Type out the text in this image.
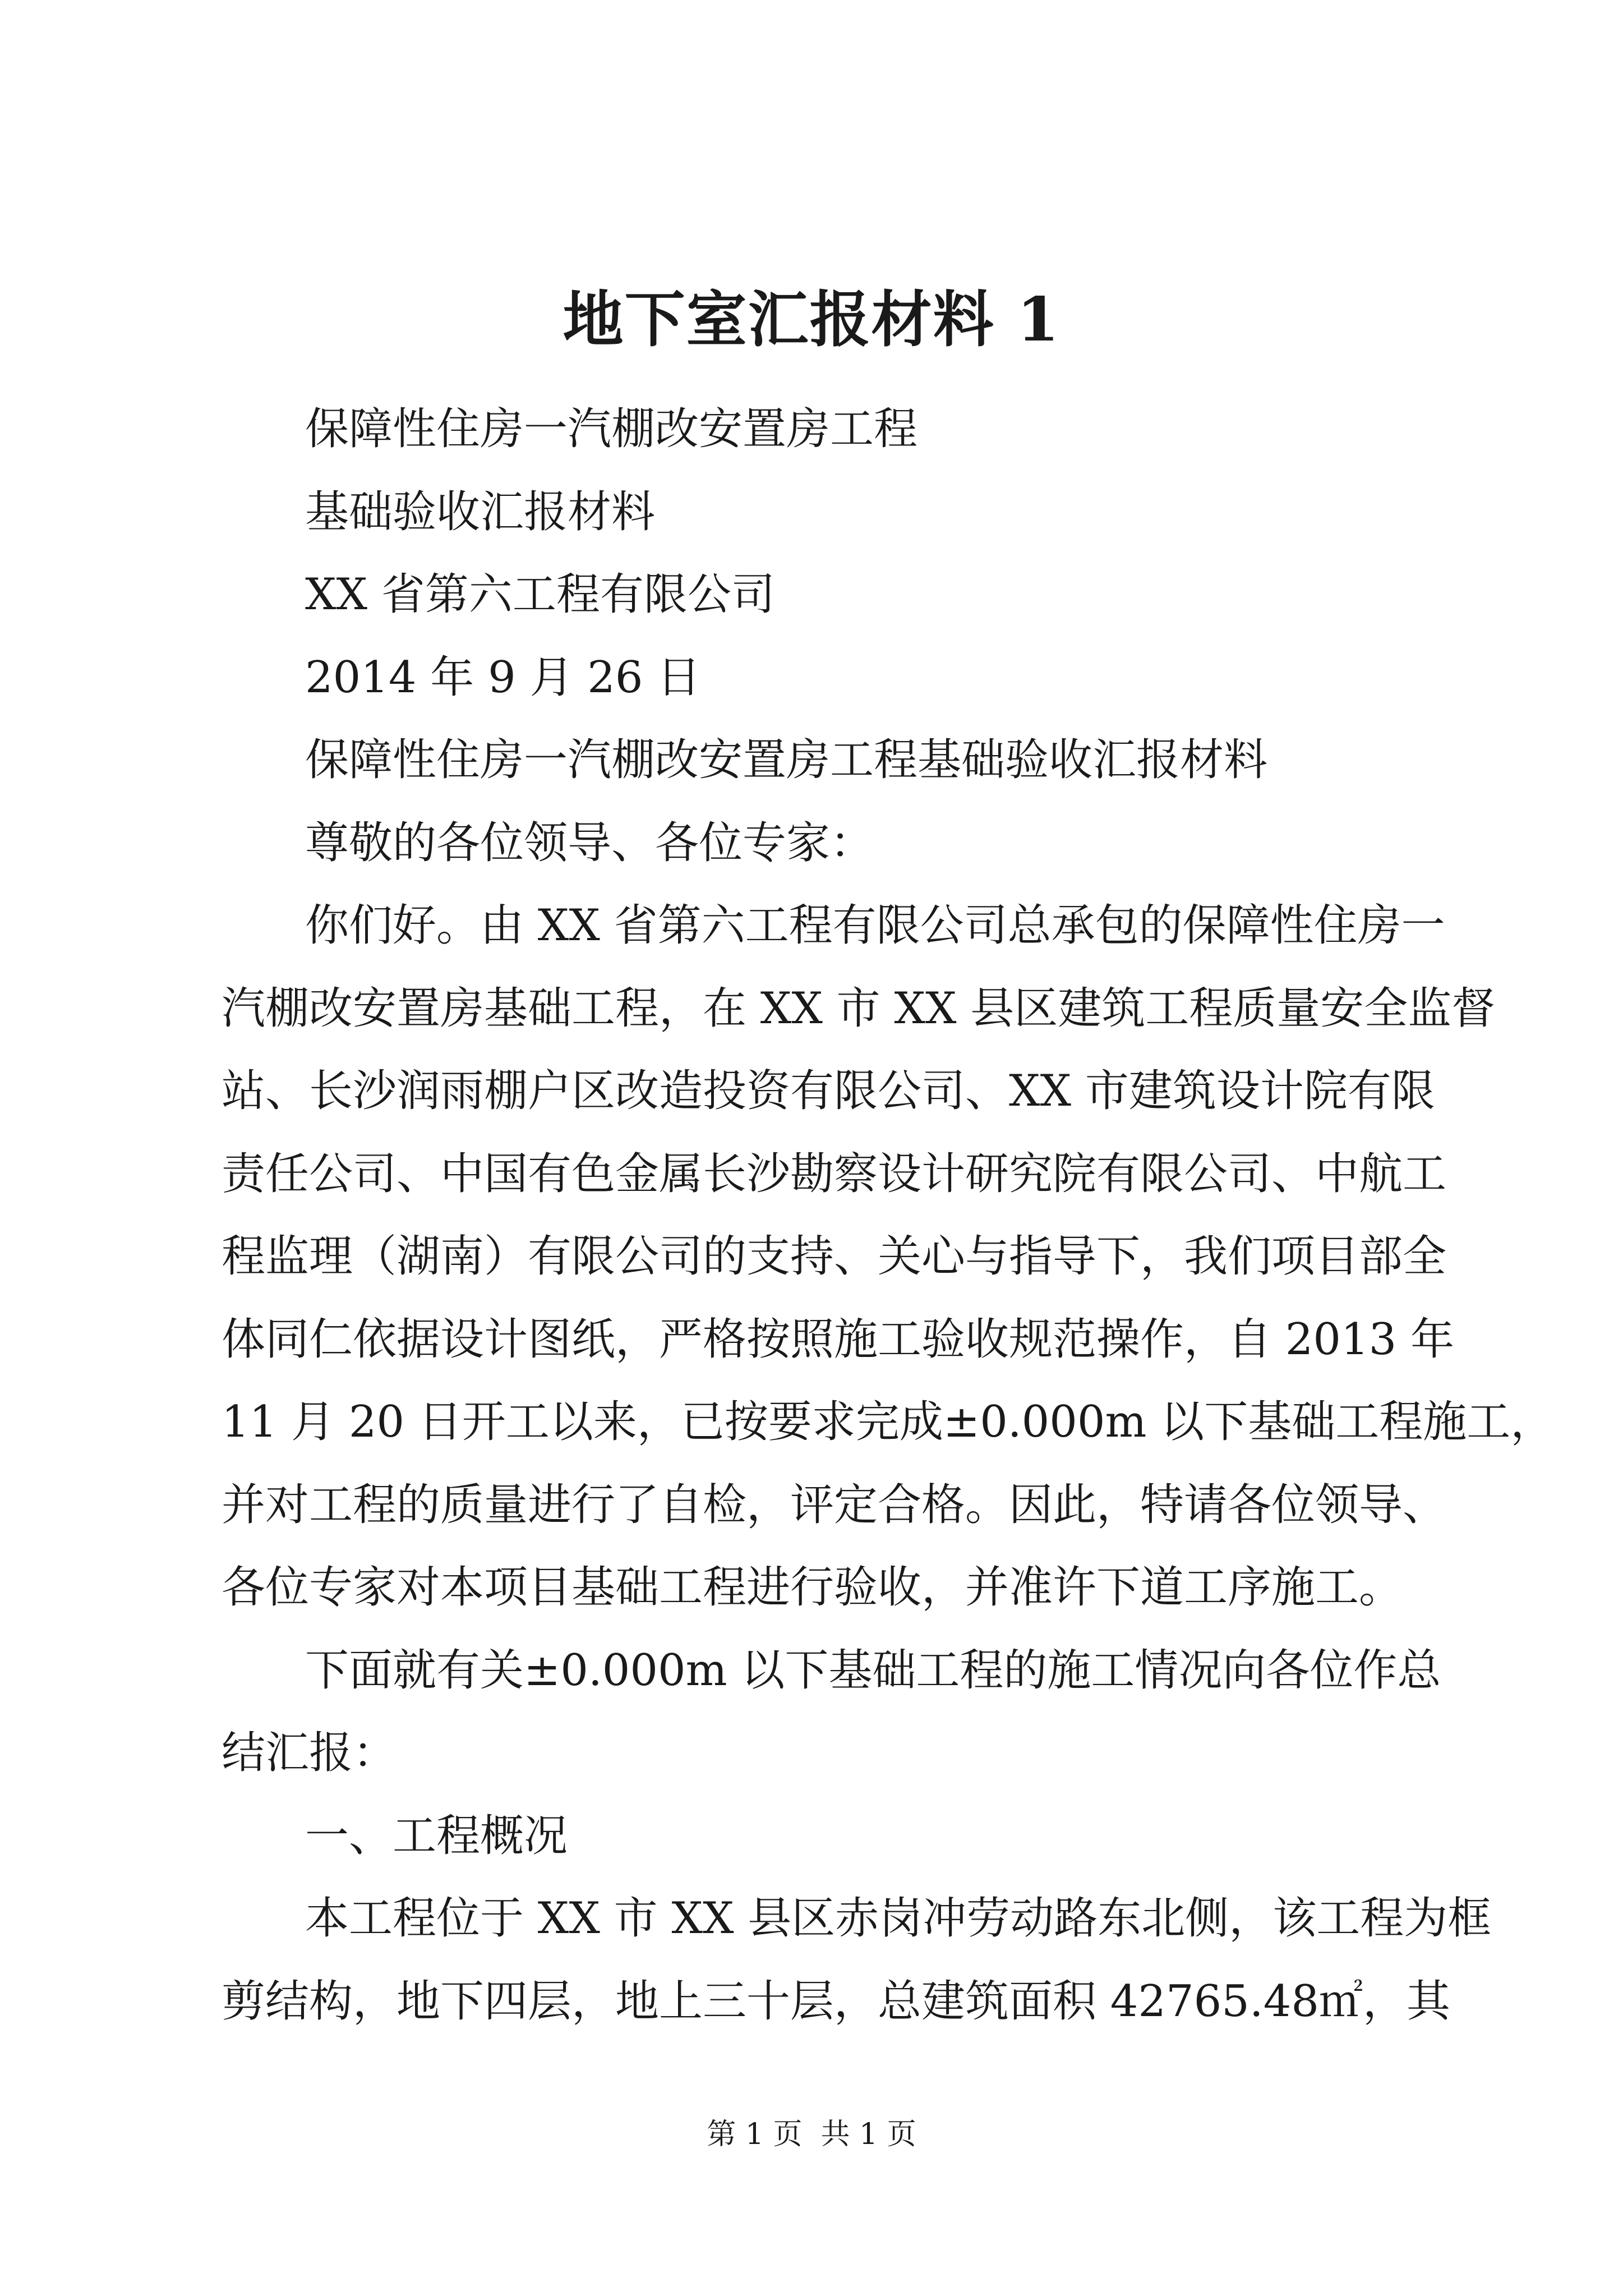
地下室汇报材料 1
保障性住房一汽棚改安置房工程
基础验收汇报材料
XX 省第六工程有限公司
2014 年 9 月 26 日
保障性住房一汽棚改安置房工程基础验收汇报材料
尊敬的各位领导、各位专家：
你们好。由 XX 省第六工程有限公司总承包的保障性住房一
汽棚改安置房基础工程，在 XX 市 XX 县区建筑工程质量安全监督
站、长沙润雨棚户区改造投资有限公司、XX 市建筑设计院有限
责任公司、中国有色金属长沙勘察设计研究院有限公司、中航工
程监理（湖南）有限公司的支持、关心与指导下，我们项目部全
体同仁依据设计图纸，严格按照施工验收规范操作，自 2013 年
11 月 20 日开工以来，已按要求完成±0.000m 以下基础工程施工，
并对工程的质量进行了自检，评定合格。因此，特请各位领导、
各位专家对本项目基础工程进行验收，并准许下道工序施工。
下面就有关±0.000m 以下基础工程的施工情况向各位作总
结汇报：
一、工程概况
本工程位于 XX 市 XX 县区赤岗冲劳动路东北侧，该工程为框
剪结构，地下四层，地上三十层，总建筑面积 42765.48㎡，其
第 1 页  共 1 页
